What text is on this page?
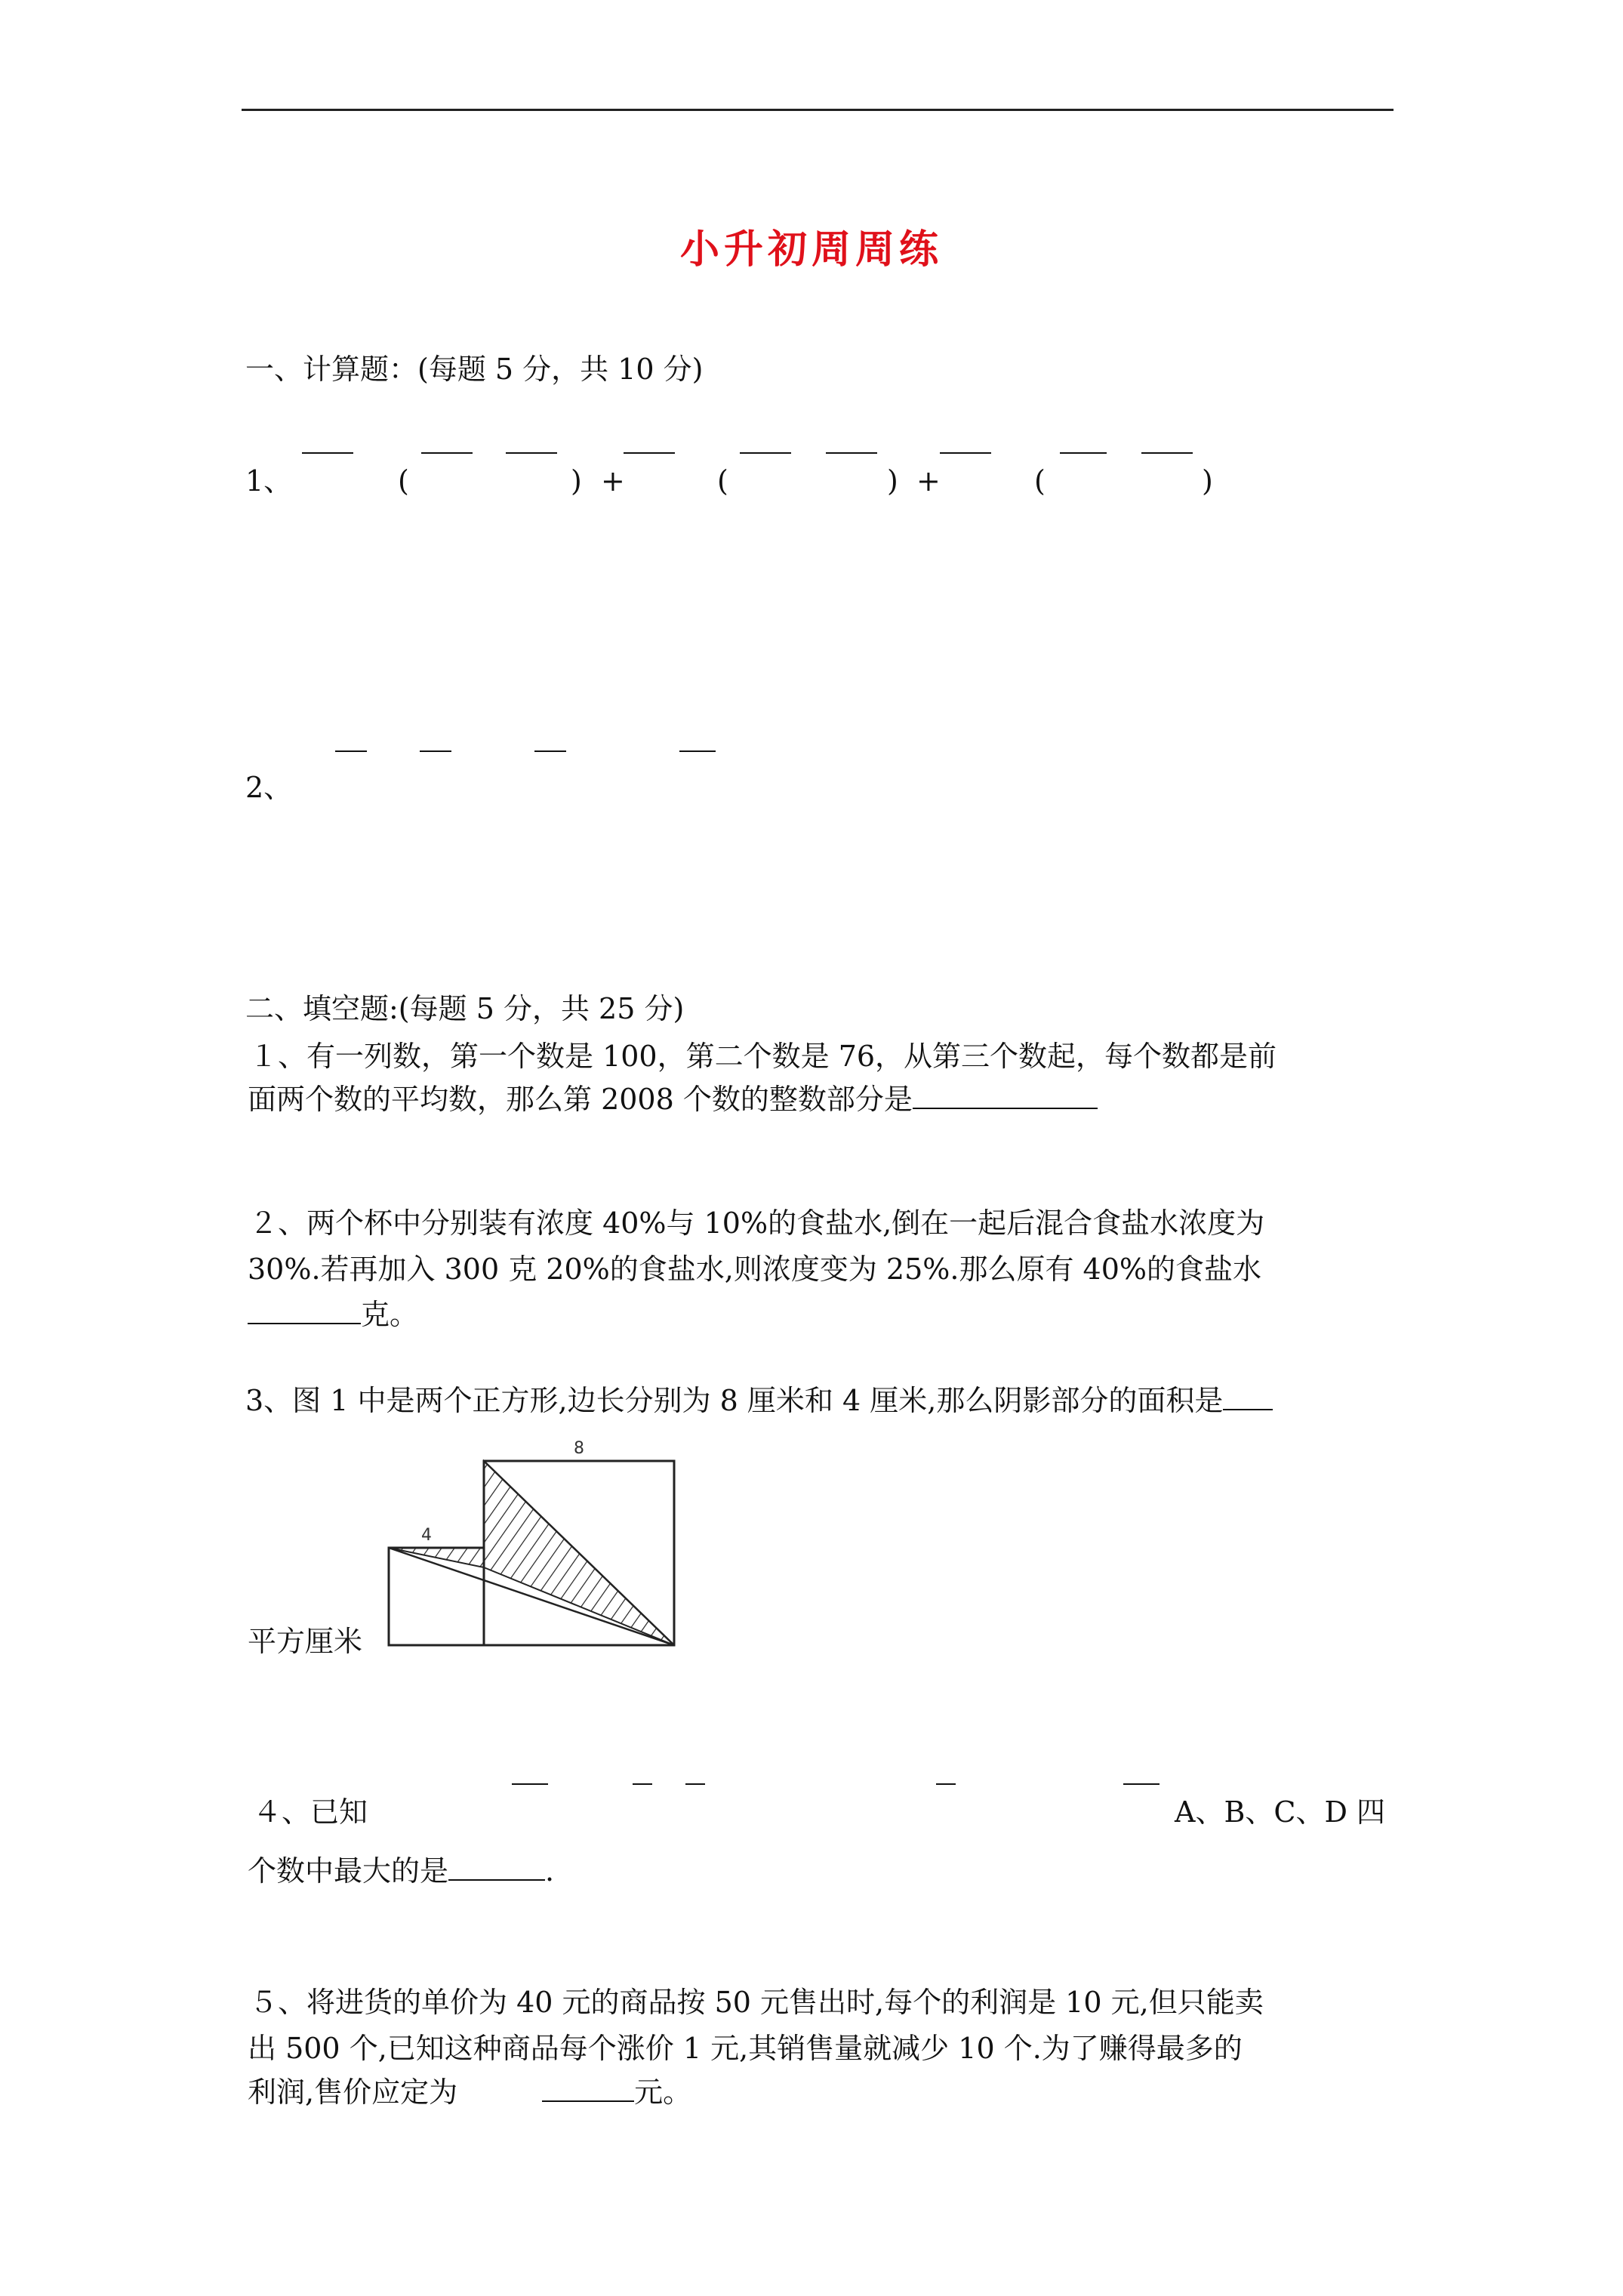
小升初周周练
一、计算题：(每题 5 分，共 10 分)
1、	(	) +	(	) +	(	)
2、
二、填空题:(每题 5 分，共 25 分)
１、有一列数，第一个数是 100，第二个数是 76，从第三个数起，每个数都是前
面两个数的平均数，那么第 2008 个数的整数部分是
２、两个杯中分别装有浓度 40%与 10%的食盐水,倒在一起后混合食盐水浓度为
30%.若再加入 300 克 20%的食盐水,则浓度变为 25%.那么原有 40%的食盐水
克。
3、图 1 中是两个正方形,边长分别为 8 厘米和 4 厘米,那么阴影部分的面积是
8
4
平方厘米
４、已知	A、B、C、D 四
个数中最大的是	.
５、将进货的单价为 40 元的商品按 50 元售出时,每个的利润是 10 元,但只能卖
出 500 个,已知这种商品每个涨价 1 元,其销售量就减少 10 个.为了赚得最多的
利润,售价应定为	元。
